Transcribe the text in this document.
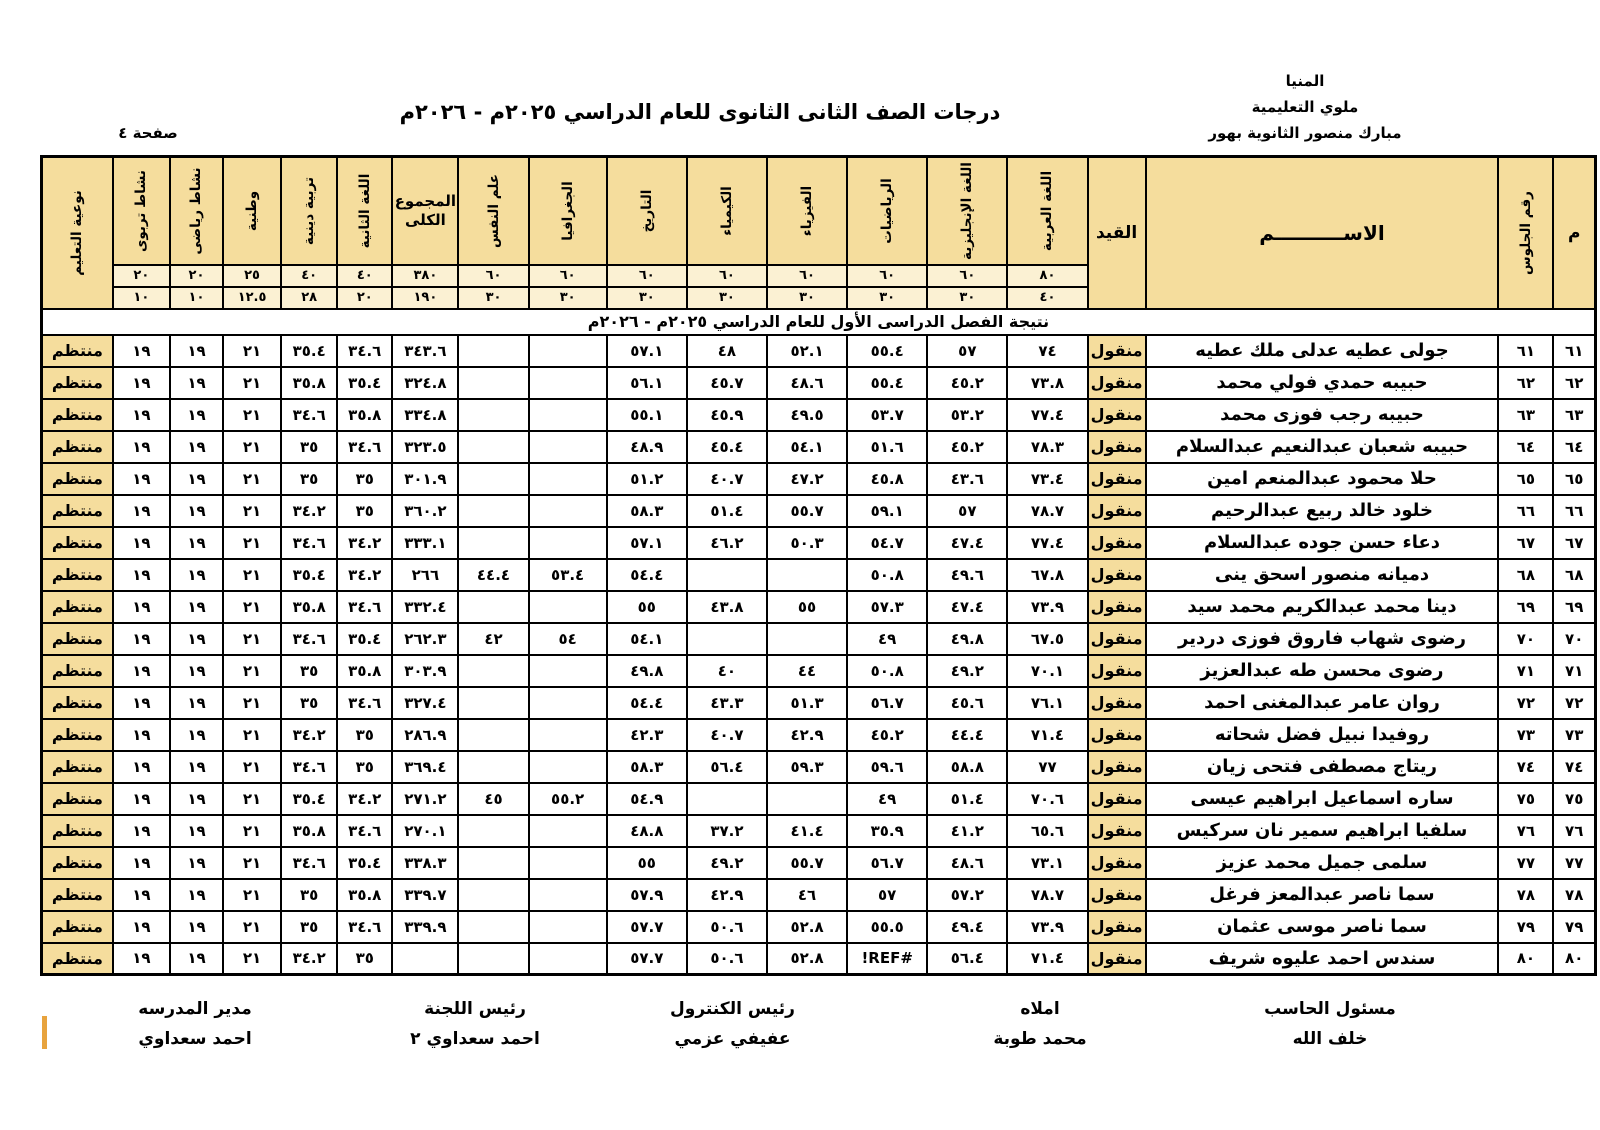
المنيا
ملوي التعليمية
مبارك منصور الثانوية بهور
درجات الصف الثانى الثانوى للعام الدراسي ٢٠٢٥م - ٢٠٢٦م
صفحة ٤
م	رقم الجلوس	الاســــــــــم	القيد	اللغة العربية	اللغة الإنجليزية	الرياضيات	الفيزياء	الكيمياء	التاريخ	الجغرافيا	علم النفس	المجموع الكلى	اللغة الثانية	تربية دينية	وطنية	نشاط رياضى	نشاط تربوى	نوعية التعليم

				٨٠	٦٠	٦٠	٦٠	٦٠	٦٠	٦٠	٦٠	٣٨٠	٤٠	٤٠	٢٥	٢٠	٢٠	
				٤٠	٣٠	٣٠	٣٠	٣٠	٣٠	٣٠	٣٠	١٩٠	٢٠	٢٨	١٢.٥	١٠	١٠	
نتيجة الفصل الدراسى الأول للعام الدراسي ٢٠٢٥م - ٢٠٢٦م																		
٦١	٦١	جولى عطيه عدلى ملك عطيه	منقول	٧٤	٥٧	٥٥.٤	٥٢.١	٤٨	٥٧.١			٣٤٣.٦	٣٤.٦	٣٥.٤	٢١	١٩	١٩	منتظم
٦٢	٦٢	حبيبه حمدي فولي محمد	منقول	٧٣.٨	٤٥.٢	٥٥.٤	٤٨.٦	٤٥.٧	٥٦.١			٣٢٤.٨	٣٥.٤	٣٥.٨	٢١	١٩	١٩	منتظم
٦٣	٦٣	حبيبه رجب فوزى محمد	منقول	٧٧.٤	٥٣.٢	٥٣.٧	٤٩.٥	٤٥.٩	٥٥.١			٣٣٤.٨	٣٥.٨	٣٤.٦	٢١	١٩	١٩	منتظم
٦٤	٦٤	حبيبه شعبان عبدالنعيم عبدالسلام	منقول	٧٨.٣	٤٥.٢	٥١.٦	٥٤.١	٤٥.٤	٤٨.٩			٣٢٣.٥	٣٤.٦	٣٥	٢١	١٩	١٩	منتظم
٦٥	٦٥	حلا محمود عبدالمنعم امين	منقول	٧٣.٤	٤٣.٦	٤٥.٨	٤٧.٢	٤٠.٧	٥١.٢			٣٠١.٩	٣٥	٣٥	٢١	١٩	١٩	منتظم
٦٦	٦٦	خلود خالد ربيع عبدالرحيم	منقول	٧٨.٧	٥٧	٥٩.١	٥٥.٧	٥١.٤	٥٨.٣			٣٦٠.٢	٣٥	٣٤.٢	٢١	١٩	١٩	منتظم
٦٧	٦٧	دعاء حسن جوده عبدالسلام	منقول	٧٧.٤	٤٧.٤	٥٤.٧	٥٠.٣	٤٦.٢	٥٧.١			٣٣٣.١	٣٤.٢	٣٤.٦	٢١	١٩	١٩	منتظم
٦٨	٦٨	دميانه منصور اسحق ينى	منقول	٦٧.٨	٤٩.٦	٥٠.٨			٥٤.٤	٥٣.٤	٤٤.٤	٢٦٦	٣٤.٢	٣٥.٤	٢١	١٩	١٩	منتظم
٦٩	٦٩	دينا محمد عبدالكريم محمد سيد	منقول	٧٣.٩	٤٧.٤	٥٧.٣	٥٥	٤٣.٨	٥٥			٣٣٢.٤	٣٤.٦	٣٥.٨	٢١	١٩	١٩	منتظم
٧٠	٧٠	رضوى شهاب فاروق فوزى دردير	منقول	٦٧.٥	٤٩.٨	٤٩			٥٤.١	٥٤	٤٢	٢٦٢.٣	٣٥.٤	٣٤.٦	٢١	١٩	١٩	منتظم
٧١	٧١	رضوى محسن طه عبدالعزيز	منقول	٧٠.١	٤٩.٢	٥٠.٨	٤٤	٤٠	٤٩.٨			٣٠٣.٩	٣٥.٨	٣٥	٢١	١٩	١٩	منتظم
٧٢	٧٢	روان عامر عبدالمغنى احمد	منقول	٧٦.١	٤٥.٦	٥٦.٧	٥١.٣	٤٣.٣	٥٤.٤			٣٢٧.٤	٣٤.٦	٣٥	٢١	١٩	١٩	منتظم
٧٣	٧٣	روفيدا نبيل فضل شحاته	منقول	٧١.٤	٤٤.٤	٤٥.٢	٤٢.٩	٤٠.٧	٤٢.٣			٢٨٦.٩	٣٥	٣٤.٢	٢١	١٩	١٩	منتظم
٧٤	٧٤	ريتاج مصطفى فتحى زيان	منقول	٧٧	٥٨.٨	٥٩.٦	٥٩.٣	٥٦.٤	٥٨.٣			٣٦٩.٤	٣٥	٣٤.٦	٢١	١٩	١٩	منتظم
٧٥	٧٥	ساره اسماعيل ابراهيم عيسى	منقول	٧٠.٦	٥١.٤	٤٩			٥٤.٩	٥٥.٢	٤٥	٢٧١.٢	٣٤.٢	٣٥.٤	٢١	١٩	١٩	منتظم
٧٦	٧٦	سلفيا ابراهيم سمير نان سركيس	منقول	٦٥.٦	٤١.٢	٣٥.٩	٤١.٤	٣٧.٢	٤٨.٨			٢٧٠.١	٣٤.٦	٣٥.٨	٢١	١٩	١٩	منتظم
٧٧	٧٧	سلمى جميل محمد عزيز	منقول	٧٣.١	٤٨.٦	٥٦.٧	٥٥.٧	٤٩.٢	٥٥			٣٣٨.٣	٣٥.٤	٣٤.٦	٢١	١٩	١٩	منتظم
٧٨	٧٨	سما ناصر عبدالمعز فرغل	منقول	٧٨.٧	٥٧.٢	٥٧	٤٦	٤٢.٩	٥٧.٩			٣٣٩.٧	٣٥.٨	٣٥	٢١	١٩	١٩	منتظم
٧٩	٧٩	سما ناصر موسى عثمان	منقول	٧٣.٩	٤٩.٤	٥٥.٥	٥٢.٨	٥٠.٦	٥٧.٧			٣٣٩.٩	٣٤.٦	٣٥	٢١	١٩	١٩	منتظم
٨٠	٨٠	سندس احمد عليوه شريف	منقول	٧١.٤	٥٦.٤	#REF!	٥٢.٨	٥٠.٦	٥٧.٧				٣٥	٣٤.٢	٢١	١٩	١٩	منتظم
مسئول الحاسب
خلف الله
املاه
محمد طوبة
رئيس الكنترول
عفيفي عزمي
رئيس اللجنة
احمد سعداوي ٢
مدير المدرسه
احمد سعداوي
